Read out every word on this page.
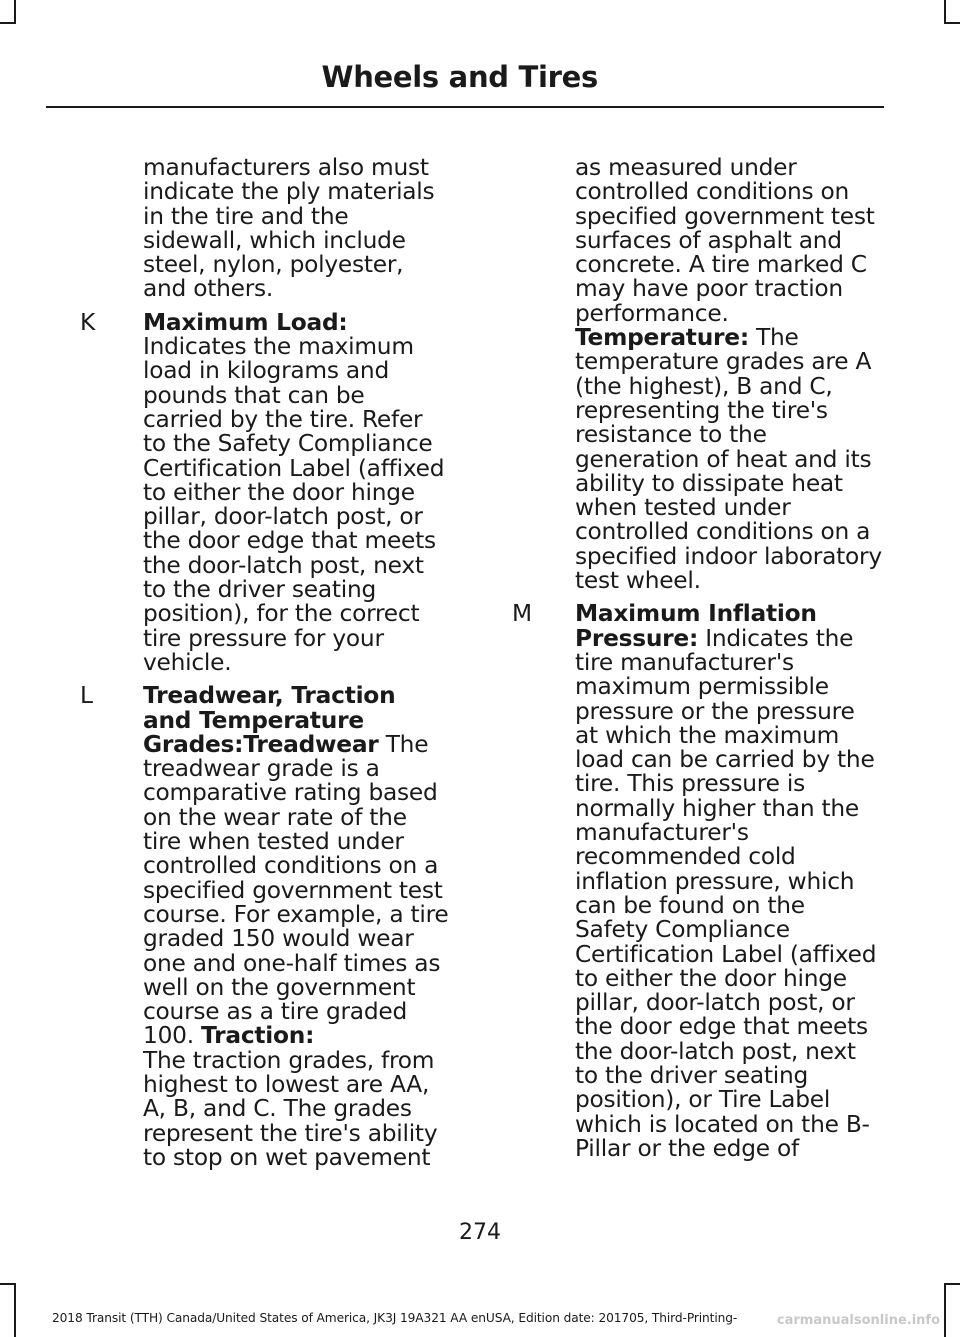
Wheels and Tires
manufacturers also must indicate the ply materials in the tire and the sidewall, which include steel, nylon, polyester, and others.
K	Maximum Load:
Indicates the maximum load in kilograms and pounds that can be carried by the tire. Refer to the Safety Compliance Certification Label (affixed to either the door hinge pillar, door-latch post, or the door edge that meets the door-latch post, next to the driver seating position), for the correct tire pressure for your vehicle.
L	Treadwear, Traction and Temperature Grades:Treadwear The treadwear grade is a comparative rating based on the wear rate of the tire when tested under controlled conditions on a specified government test course. For example, a tire graded 150 would wear one and one-half times as well on the government course as a tire graded 100. Traction:
The traction grades, from highest to lowest are AA, A, B, and C. The grades represent the tire's ability to stop on wet pavement
as measured under controlled conditions on specified government test surfaces of asphalt and concrete. A tire marked C may have poor traction performance.
Temperature: The temperature grades are A (the highest), B and C, representing the tire's resistance to the generation of heat and its ability to dissipate heat when tested under controlled conditions on a specified indoor laboratory test wheel.
M	Maximum Inflation Pressure: Indicates the tire manufacturer's maximum permissible pressure or the pressure at which the maximum load can be carried by the tire. This pressure is normally higher than the manufacturer's recommended cold inflation pressure, which can be found on the Safety Compliance Certification Label (affixed to either the door hinge pillar, door-latch post, or the door edge that meets the door-latch post, next to the driver seating position), or Tire Label which is located on the B-Pillar or the edge of
274
2018 Transit (TTH) Canada/United States of America, JK3J 19A321 AA enUSA, Edition date: 201705, Third-Printing-	carmanualsonline.info
